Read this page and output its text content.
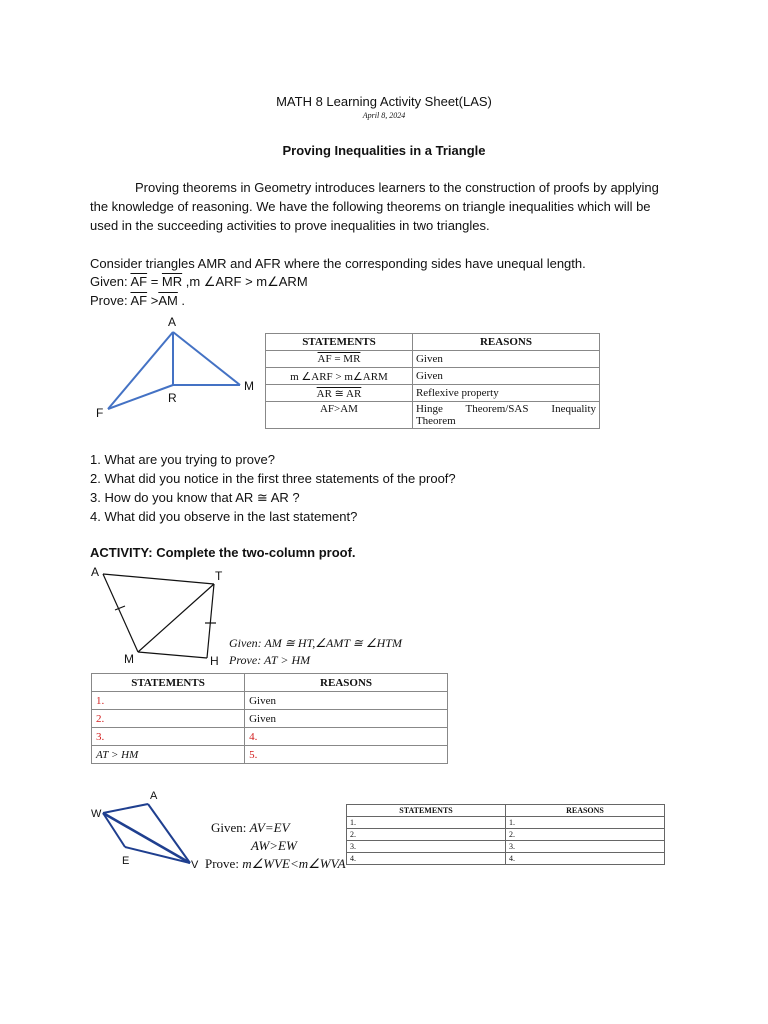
MATH 8 Learning Activity Sheet(LAS)
April 8, 2024
Proving Inequalities in a Triangle
Proving theorems in Geometry introduces learners to the construction of proofs by applying the knowledge of reasoning. We have the following theorems on triangle inequalities which will be used in the succeeding activities to prove inequalities in two triangles.
Consider triangles AMR and AFR where the corresponding sides have unequal length.
Given: $\overline{AF} = \overline{MR}$ ,m ∠ARF > m∠ARM
Prove: $\overline{AF} >\overline{AM}$ .
A
M
R
F
STATEMENTS	REASONS
AF = MR	Given
m ∠ARF > m∠ARM	Given
AR ≅ AR	Reflexive property
AF>AM	Hinge Theorem/SAS Inequality Theorem
1. What are you trying to prove?
2. What did you notice in the first three statements of the proof?
3. How do you know that AR ≅ AR ?
4. What did you observe in the last statement?
ACTIVITY: Complete the two-column proof.
A	T
M	H
Given: AM ≅ HT,∠AMT ≅ ∠HTM
Prove: AT > HM
STATEMENTS	REASONS
1.	Given
2.	Given
3.	4.
AT > HM	5.
W
A
E	V
Given: AV=EV
AW>EW
Prove: m∠WVE<m∠WVA
STATEMENTS	REASONS
1.	1.
2.	2.
3.	3.
4.	4.
